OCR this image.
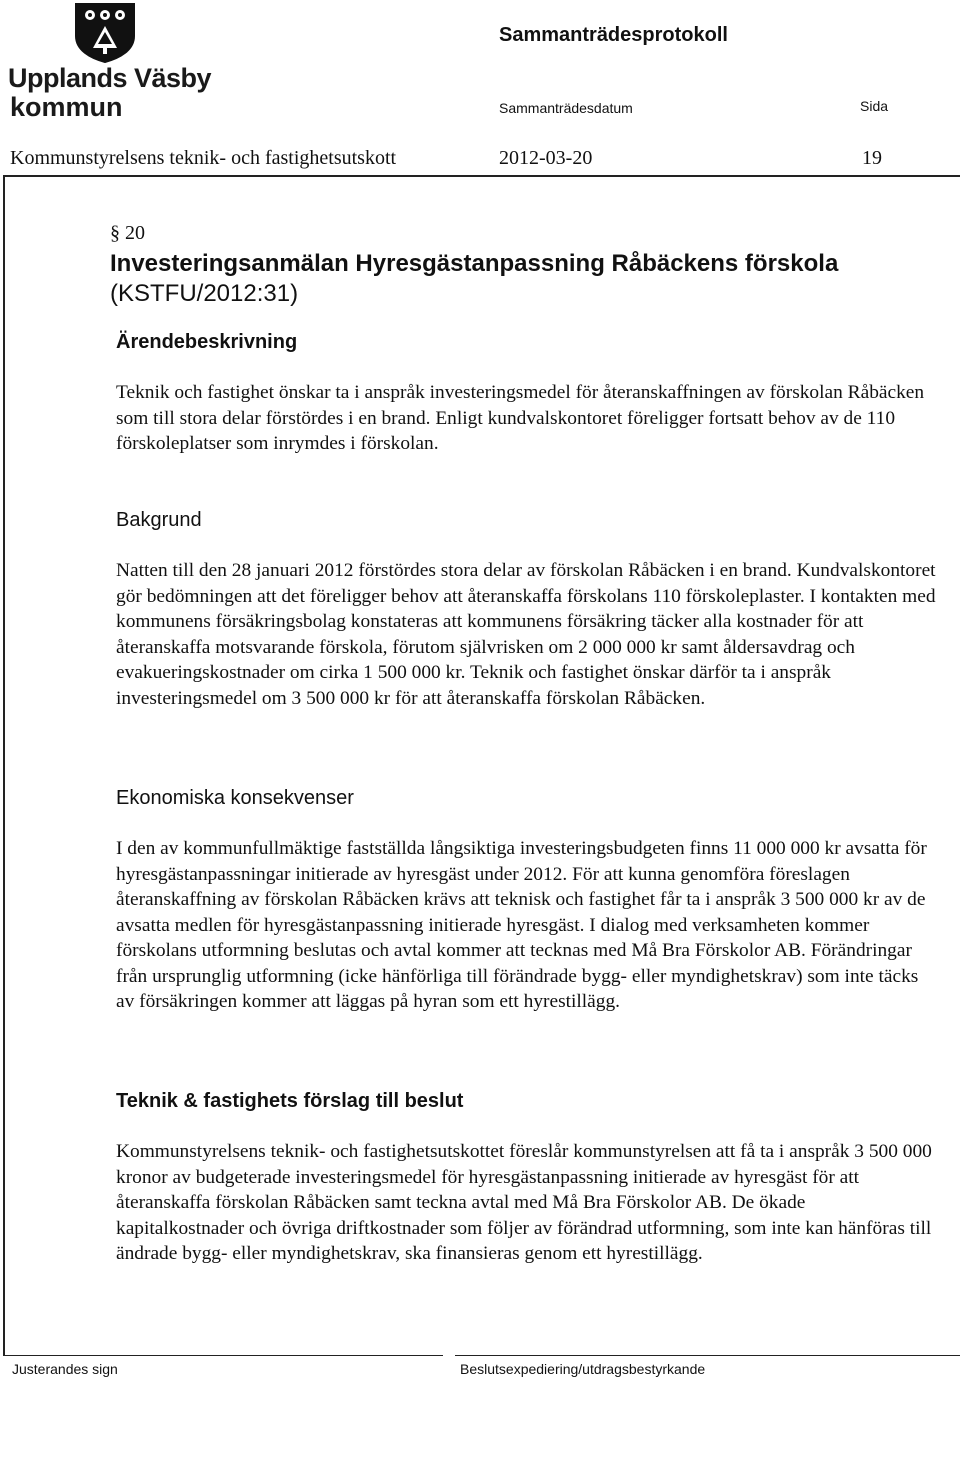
Upplands Väsby
kommun
Sammanträdesprotokoll
Sammanträdesdatum	Sida
Kommunstyrelsens teknik- och fastighetsutskott	2012-03-20	19
§ 20
Investeringsanmälan Hyresgästanpassning Råbäckens förskola
(KSTFU/2012:31)
Ärendebeskrivning

Teknik och fastighet önskar ta i anspråk investeringsmedel för återanskaffningen av förskolan Råbäcken som till stora delar förstördes i en brand. Enligt kundvalskontoret föreligger fortsatt behov av de 110 förskoleplatser som inrymdes i förskolan.

Bakgrund

Natten till den 28 januari 2012 förstördes stora delar av förskolan Råbäcken i en brand. Kundvalskontoret gör bedömningen att det föreligger behov att återanskaffa förskolans 110 förskoleplaster. I kontakten med kommunens försäkringsbolag konstateras att kommunens försäkring täcker alla kostnader för att återanskaffa motsvarande förskola, förutom självrisken om 2 000 000 kr samt åldersavdrag och evakueringskostnader om cirka 1 500 000 kr. Teknik och fastighet önskar därför ta i anspråk investeringsmedel om 3 500 000 kr för att återanskaffa förskolan Råbäcken.

Ekonomiska konsekvenser

I den av kommunfullmäktige fastställda långsiktiga investeringsbudgeten finns 11 000 000 kr avsatta för hyresgästanpassningar initierade av hyresgäst under 2012. För att kunna genomföra föreslagen återanskaffning av förskolan Råbäcken krävs att teknisk och fastighet får ta i anspråk 3 500 000 kr av de avsatta medlen för hyresgästanpassning initierade hyresgäst. I dialog med verksamheten kommer förskolans utformning beslutas och avtal kommer att tecknas med Må Bra Förskolor AB. Förändringar från ursprunglig utformning (icke hänförliga till förändrade bygg- eller myndighetskrav) som inte täcks av försäkringen kommer att läggas på hyran som ett hyrestillägg.

Teknik & fastighets förslag till beslut

Kommunstyrelsens teknik- och fastighetsutskottet föreslår kommunstyrelsen att få ta i anspråk 3 500 000 kronor av budgeterade investeringsmedel för hyresgästanpassning initierade av hyresgäst för att återanskaffa förskolan Råbäcken samt teckna avtal med Må Bra Förskolor AB. De ökade kapitalkostnader och övriga driftkostnader som följer av förändrad utformning, som inte kan hänföras till ändrade bygg- eller myndighetskrav, ska finansieras genom ett hyrestillägg.

Justerandes sign	Beslutsexpediering/utdragsbestyrkande
